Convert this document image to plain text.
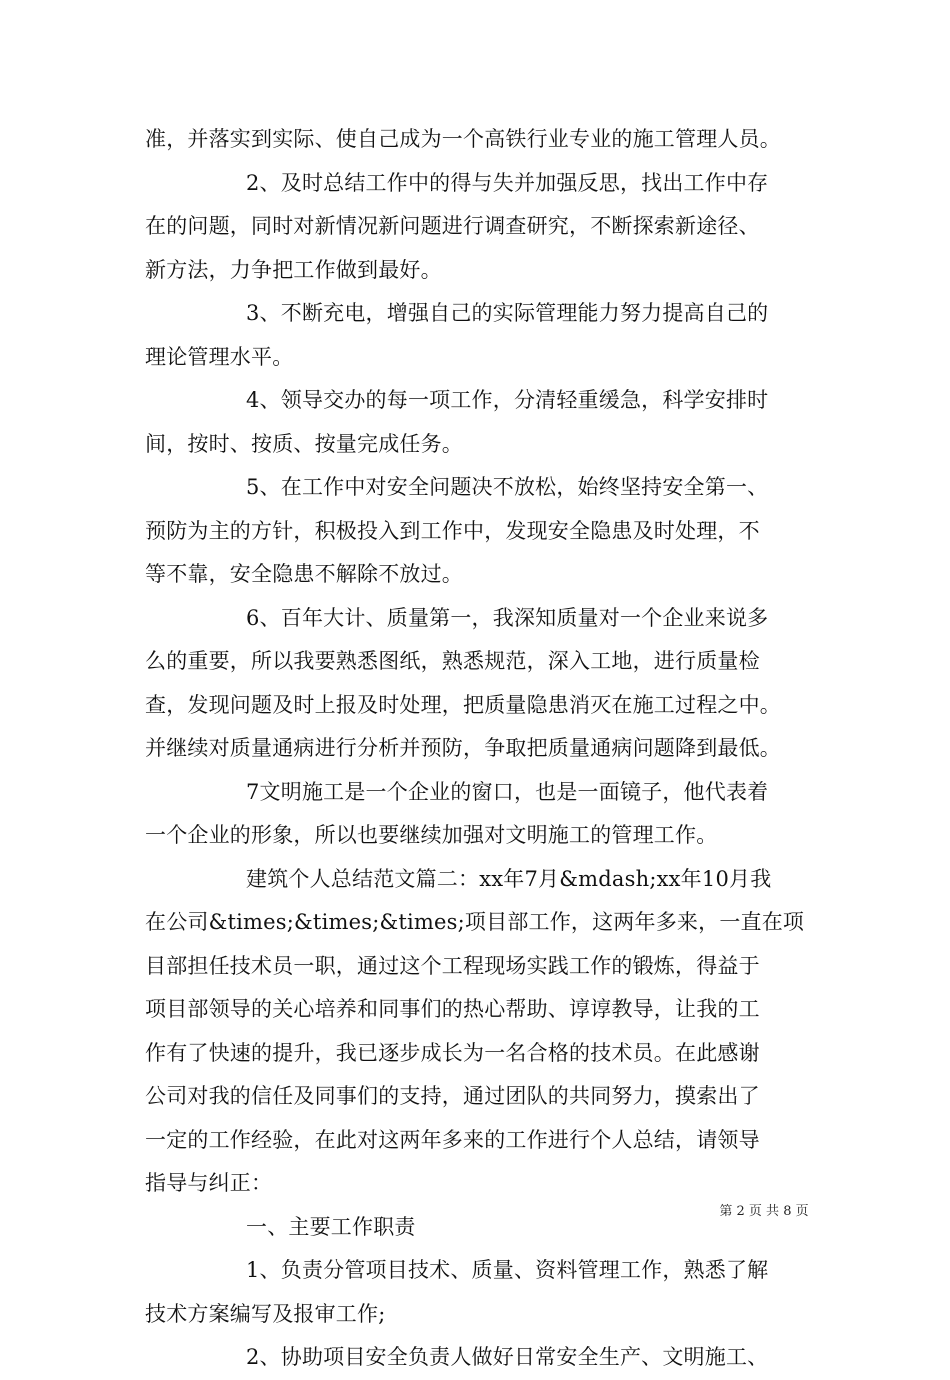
准，并落实到实际、使自己成为一个高铁行业专业的施工管理人员。
2、及时总结工作中的得与失并加强反思，找出工作中存
在的问题，同时对新情况新问题进行调查研究，不断探索新途径、
新方法，力争把工作做到最好。
3、不断充电，增强自己的实际管理能力努力提高自己的
理论管理水平。
4、领导交办的每一项工作，分清轻重缓急，科学安排时
间，按时、按质、按量完成任务。
5、在工作中对安全问题决不放松，始终坚持安全第一、
预防为主的方针，积极投入到工作中，发现安全隐患及时处理，不
等不靠，安全隐患不解除不放过。
6、百年大计、质量第一，我深知质量对一个企业来说多
么的重要，所以我要熟悉图纸，熟悉规范，深入工地，进行质量检
查，发现问题及时上报及时处理，把质量隐患消灭在施工过程之中。
并继续对质量通病进行分析并预防，争取把质量通病问题降到最低。
7文明施工是一个企业的窗口，也是一面镜子，他代表着
一个企业的形象，所以也要继续加强对文明施工的管理工作。
建筑个人总结范文篇二：xx年7月&mdash;xx年10月我
在公司&times;&times;&times;项目部工作，这两年多来，一直在项
目部担任技术员一职，通过这个工程现场实践工作的锻炼，得益于
项目部领导的关心培养和同事们的热心帮助、谆谆教导，让我的工
作有了快速的提升，我已逐步成长为一名合格的技术员。在此感谢
公司对我的信任及同事们的支持，通过团队的共同努力，摸索出了
一定的工作经验，在此对这两年多来的工作进行个人总结，请领导
指导与纠正：
一、主要工作职责
1、负责分管项目技术、质量、资料管理工作，熟悉了解
技术方案编写及报审工作;
2、协助项目安全负责人做好日常安全生产、文明施工、
第 2 页 共 8 页
